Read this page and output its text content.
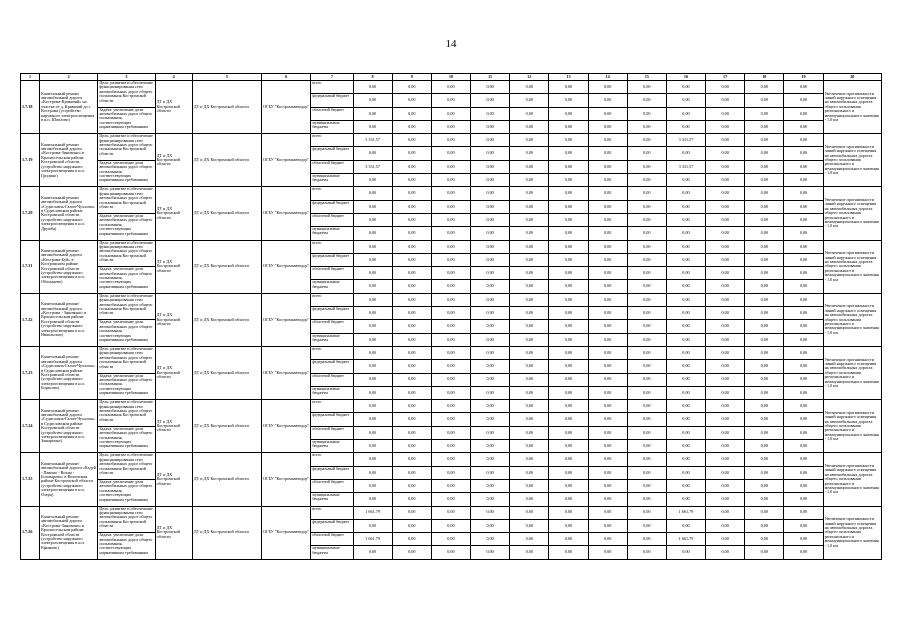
14
1	2	3	4	5	6	7	8	9	10	11	12	13	14	15	16	17	18	19	20
1.7.18	Капитальный ремонт автомобильной дороги «Кострома-Кривячий» на участке от д. Кривячий до с. Кострома (устройство наружного электроосвещения в н.п. Шоплово)	Цель: развитие и обеспечение функционирования сети автомобильных дорог общего пользования Костромской области	ДТ и ДХ Костромской области	ДТ и ДХ Костромской области	ОГБУ "Костромаавтодор"	всего	0,00	0,00	0,00	0,00	0,00	0,00	0,00	0,00	0,00	0,00	0,00	0,00	Увеличение протяженности линий наружного освещения на автомобильных дорогах общего пользования регионального и межмуниципального значения - 1,0 км
						федеральный бюджет	0,00	0,00	0,00	0,00	0,00	0,00	0,00	0,00	0,00	0,00	0,00	0,00	
		Задача: увеличение доли автомобильных дорог общего пользования, соответствующих нормативным требованиям				областной бюджет	0,00	0,00	0,00	0,00	0,00	0,00	0,00	0,00	0,00	0,00	0,00	0,00	
						муниципальные бюджеты	0,00	0,00	0,00	0,00	0,00	0,00	0,00	0,00	0,00	0,00	0,00	0,00	
1.7.19	Капитальный ремонт автомобильной дороги «Кострома-Зиновино» в Красносельском районе Костромской области (устройство наружного электроосвещения в н.п. Гридино)	Цель: развитие и обеспечение функционирования сети автомобильных дорог общего пользования Костромской области	ДТ и ДХ Костромской области	ДТ и ДХ Костромской области	ОГБУ "Костромаавтодор"	всего	3 331,57	0,00	0,00	0,00	0,00	0,00	0,00	0,00	3 331,57	0,00	0,00	0,00	Увеличение протяженности линий наружного освещения на автомобильных дорогах общего пользования регионального и межмуниципального значения - 1,0 км
						федеральный бюджет	0,00	0,00	0,00	0,00	0,00	0,00	0,00	0,00	0,00	0,00	0,00	0,00	
		Задача: увеличение доли автомобильных дорог общего пользования, соответствующих нормативным требованиям				областной бюджет	3 331,57	0,00	0,00	0,00	0,00	0,00	0,00	0,00	3 331,57	0,00	0,00	0,00	
						муниципальные бюджеты	0,00	0,00	0,00	0,00	0,00	0,00	0,00	0,00	0,00	0,00	0,00	0,00	
1.7.20	Капитальный ремонт автомобильной дороги «Судиславль-Галич-Чухлома» в Судиславском районе Костромской области (устройство наружного электроосвещения в н.п. Дружба)	Цель: развитие и обеспечение функционирования сети автомобильных дорог общего пользования Костромской области	ДТ и ДХ Костромской области	ДТ и ДХ Костромской области	ОГБУ "Костромаавтодор"	всего	0,00	0,00	0,00	0,00	0,00	0,00	0,00	0,00	0,00	0,00	0,00	0,00	Увеличение протяженности линий наружного освещения на автомобильных дорогах общего пользования регионального и межмуниципального значения - 1,0 км
						федеральный бюджет	0,00	0,00	0,00	0,00	0,00	0,00	0,00	0,00	0,00	0,00	0,00	0,00	
		Задача: увеличение доли автомобильных дорог общего пользования, соответствующих нормативным требованиям				областной бюджет	0,00	0,00	0,00	0,00	0,00	0,00	0,00	0,00	0,00	0,00	0,00	0,00	
						муниципальные бюджеты	0,00	0,00	0,00	0,00	0,00	0,00	0,00	0,00	0,00	0,00	0,00	0,00	
1.7.21	Капитальный ремонт автомобильной дороги «Кострома-Буй» в Костромском районе Костромской области (устройство наружного электроосвещения в н.п. Обломцево)	Цель: развитие и обеспечение функционирования сети автомобильных дорог общего пользования Костромской области	ДТ и ДХ Костромской области	ДТ и ДХ Костромской области	ОГБУ "Костромаавтодор"	всего	0,00	0,00	0,00	0,00	0,00	0,00	0,00	0,00	0,00	0,00	0,00	0,00	Увеличение протяженности линий наружного освещения на автомобильных дорогах общего пользования регионального и межмуниципального значения - 1,0 км
						федеральный бюджет	0,00	0,00	0,00	0,00	0,00	0,00	0,00	0,00	0,00	0,00	0,00	0,00	
		Задача: увеличение доли автомобильных дорог общего пользования, соответствующих нормативным требованиям				областной бюджет	0,00	0,00	0,00	0,00	0,00	0,00	0,00	0,00	0,00	0,00	0,00	0,00	
						муниципальные бюджеты	0,00	0,00	0,00	0,00	0,00	0,00	0,00	0,00	0,00	0,00	0,00	0,00	
1.7.22	Капитальный ремонт автомобильной дороги «Кострома - Зиновино» в Красносельском районе Костромской области (устройство наружного электроосвещения в н.п. Никольское)	Цель: развитие и обеспечение функционирования сети автомобильных дорог общего пользования Костромской области	ДТ и ДХ Костромской области	ДТ и ДХ Костромской области	ОГБУ "Костромаавтодор"	всего	0,00	0,00	0,00	0,00	0,00	0,00	0,00	0,00	0,00	0,00	0,00	0,00	Увеличение протяженности линий наружного освещения на автомобильных дорогах общего пользования регионального и межмуниципального значения - 1,0 км
						федеральный бюджет	0,00	0,00	0,00	0,00	0,00	0,00	0,00	0,00	0,00	0,00	0,00	0,00	
		Задача: увеличение доли автомобильных дорог общего пользования, соответствующих нормативным требованиям				областной бюджет	0,00	0,00	0,00	0,00	0,00	0,00	0,00	0,00	0,00	0,00	0,00	0,00	
						муниципальные бюджеты	0,00	0,00	0,00	0,00	0,00	0,00	0,00	0,00	0,00	0,00	0,00	0,00	
1.7.23	Капитальный ремонт автомобильной дороги «Судиславль-Галич-Чухлома» в Судиславском районе Костромской области (устройство наружного электроосвещения в н.п. Борисово)	Цель: развитие и обеспечение функционирования сети автомобильных дорог общего пользования Костромской области	ДТ и ДХ Костромской области	ДТ и ДХ Костромской области	ОГБУ "Костромаавтодор"	всего	0,00	0,00	0,00	0,00	0,00	0,00	0,00	0,00	0,00	0,00	0,00	0,00	Увеличение протяженности линий наружного освещения на автомобильных дорогах общего пользования регионального и межмуниципального значения - 1,0 км
						федеральный бюджет	0,00	0,00	0,00	0,00	0,00	0,00	0,00	0,00	0,00	0,00	0,00	0,00	
		Задача: увеличение доли автомобильных дорог общего пользования, соответствующих нормативным требованиям				областной бюджет	0,00	0,00	0,00	0,00	0,00	0,00	0,00	0,00	0,00	0,00	0,00	0,00	
						муниципальные бюджеты	0,00	0,00	0,00	0,00	0,00	0,00	0,00	0,00	0,00	0,00	0,00	0,00	
1.7.24	Капитальный ремонт автомобильной дороги «Судиславль-Галич-Чухлома» в Судиславском районе Костромской области (устройство наружного электроосвещения в н.п. Зашаринье)	Цель: развитие и обеспечение функционирования сети автомобильных дорог общего пользования Костромской области	ДТ и ДХ Костромской области	ДТ и ДХ Костромской области	ОГБУ "Костромаавтодор"	всего	0,00	0,00	0,00	0,00	0,00	0,00	0,00	0,00	0,00	0,00	0,00	0,00	Увеличение протяженности линий наружного освещения на автомобильных дорогах общего пользования регионального и межмуниципального значения - 1,0 км
						федеральный бюджет	0,00	0,00	0,00	0,00	0,00	0,00	0,00	0,00	0,00	0,00	0,00	0,00	
		Задача: увеличение доли автомобильных дорог общего пользования, соответствующих нормативным требованиям				областной бюджет	0,00	0,00	0,00	0,00	0,00	0,00	0,00	0,00	0,00	0,00	0,00	0,00	
						муниципальные бюджеты	0,00	0,00	0,00	0,00	0,00	0,00	0,00	0,00	0,00	0,00	0,00	0,00	
1.7.25	Капитальный ремонт автомобильной дороги «Кадуй - Павино - Вохма - Боговарово» в Вохомском районе Костромской области (устройство наружного электроосвещения в н.п. Озерц)	Цель: развитие и обеспечение функционирования сети автомобильных дорог общего пользования Костромской области	ДТ и ДХ Костромской области	ДТ и ДХ Костромской области	ОГБУ "Костромаавтодор"	всего	0,00	0,00	0,00	0,00	0,00	0,00	0,00	0,00	0,00	0,00	0,00	0,00	Увеличение протяженности линий наружного освещения на автомобильных дорогах общего пользования регионального и межмуниципального значения - 1,0 км
						федеральный бюджет	0,00	0,00	0,00	0,00	0,00	0,00	0,00	0,00	0,00	0,00	0,00	0,00	
		Задача: увеличение доли автомобильных дорог общего пользования, соответствующих нормативным требованиям				областной бюджет	0,00	0,00	0,00	0,00	0,00	0,00	0,00	0,00	0,00	0,00	0,00	0,00	
						муниципальные бюджеты	0,00	0,00	0,00	0,00	0,00	0,00	0,00	0,00	0,00	0,00	0,00	0,00	
1.7.26	Капитальный ремонт автомобильной дороги «Кострома-Зиновино» в Красносельском районе Костромской области (устройство наружного электроосвещения в н.п. Ефимово)	Цель: развитие и обеспечение функционирования сети автомобильных дорог общего пользования Костромской области	ДТ и ДХ Костромской области	ДТ и ДХ Костромской области	ОГБУ "Костромаавтодор"	всего	1 661,79	0,00	0,00	0,00	0,00	0,00	0,00	0,00	1 661,79	0,00	0,00	0,00	Увеличение протяженности линий наружного освещения на автомобильных дорогах общего пользования регионального и межмуниципального значения - 1,0 км
						федеральный бюджет	0,00	0,00	0,00	0,00	0,00	0,00	0,00	0,00	0,00	0,00	0,00	0,00	
		Задача: увеличение доли автомобильных дорог общего пользования, соответствующих нормативным требованиям				областной бюджет	1 661,79	0,00	0,00	0,00	0,00	0,00	0,00	0,00	1 661,79	0,00	0,00	0,00	
						муниципальные бюджеты	0,00	0,00	0,00	0,00	0,00	0,00	0,00	0,00	0,00	0,00	0,00	0,00	
